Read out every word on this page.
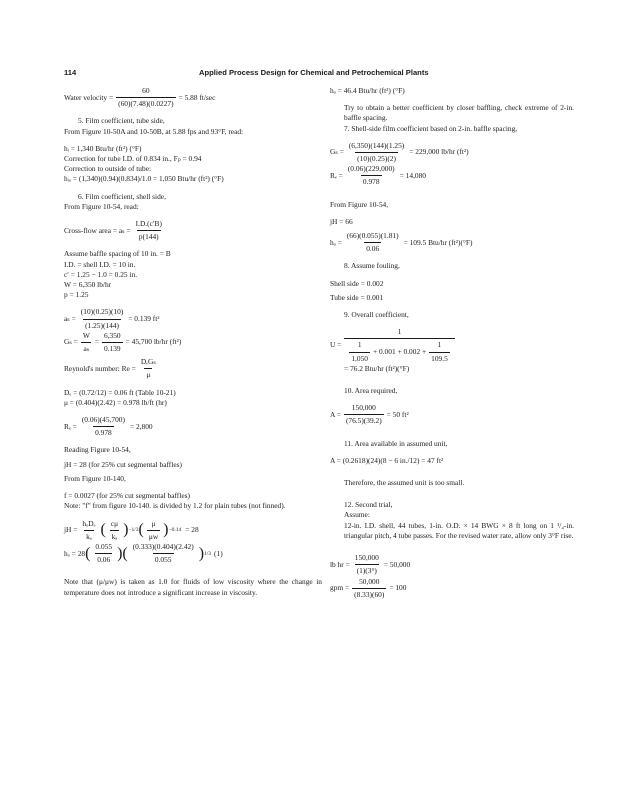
114	Applied Process Design for Chemical and Petrochemical Plants
Water velocity = $\frac{60}{(60)(7.48)(0.0227)} = 5.88$ ft/sec
5. Film coefficient, tube side,
From Figure 10-50A and 10-50B, at 5.88 fps and 93°F, read:
hᵢ = 1,340 Btu/hr (ft²) (°F)
Correction for tube I.D. of 0.834 in., Fₚ = 0.94
Correction to outside of tube:
hᵢₒ = (1,340)(0.94)(0.834)/1.0 = 1,050 Btu/hr (ft²) (°F)
6. Film coefficient, shell side,
From Figure 10-54, read:
Cross-flow area = $a_s = \frac{I.D.(c'B)}{p(144)}$
Assume baffle spacing of 10 in. = B
I.D. = shell I.D. = 10 in.
c′ = 1.25 − 1.0 = 0.25 in.
W = 6,350 lb/hr
p = 1.25
$a_s = \frac{(10)(0.25)(10)}{(1.25)(144)} = 0.139$ ft²
$G_s = \frac{W}{\text{aₛ}} = \frac{6,350}{0.139} = 45,700$ lb/hr (ft²)
Reynold's number: $Re = \frac{\text{DₑGₛ}}{\mu}$
Dₑ = (0.72/12) = 0.06 ft (Table 10-21)
μ = (0.404)(2.42) = 0.978 lb/ft (hr)
$R_e = \frac{(0.06)(45,700)}{0.978} = 2,800$
Reading Figure 10-54,
jH = 28 (for 25% cut segmental baffles)
From Figure 10-140,
f = 0.0027 (for 25% cut segmental baffles)
Note: "f" from figure 10-140. is divided by 1.2 for plain tubes (not finned).
jH = $\frac{\text{hₒDₑ}}{\text{kₐ}}$ ( $\frac{c\mu}{\text{kₐ}}$ ) −1/3 ( $\frac{\mu}{\mu w}$ ) −0.14 = 28
hₒ = 28 ( $\frac{0.055}{0.06}$ )( $\frac{(0.333)(0.404)(2.42)}{0.055}$ ) 1/3 (1)
Note that (μ/μw) is taken as 1.0 for fluids of low viscosity where the change in temperature does not introduce a significant increase in viscosity.
hₒ = 46.4 Btu/hr (ft²) (°F)
Try to obtain a better coefficient by closer baffling, check extreme of 2-in. baffle spacing.
7. Shell-side film coefficient based on 2-in. baffle spacing,
$G_s = \frac{(6,350)(144)(1.25)}{(10)(0.25)(2)} = 229,000$ lb/hr (ft²)
$R_e = \frac{(0.06)(229,000)}{0.978} = 14,080$
From Figure 10-54,
jH = 66
$h_o = \frac{(66)(0.055)(1.81)}{0.06} = 109.5$ Btu/hr (ft²)(°F)
8. Assume fouling,
Shell side = 0.002
Tube side = 0.001
9. Overall coefficient,
$U = \frac{1}{\frac{1}{1,050} + 0.001 + 0.002 + \frac{1}{109.5}}$
= 76.2 Btu/hr (ft²)(°F)
10. Area required,
$A = \frac{150,000}{(76.5)(39.2)} = 50$ ft²
11. Area available in assumed unit,
A = (0.2618)(24)(8 − 6 in./12) = 47 ft²
Therefore, the assumed unit is too small.
12. Second trial,
Assume:
12-in. I.D. shell, 44 tubes, 1-in. O.D. × 14 BWG × 8 ft long on 1 ¹/₄-in. triangular pitch, 4 tube passes. For the revised water rate, allow only 3°F rise.
lb hr = $\frac{150,000}{(1)(3^\circ)} = 50,000$
gpm = $\frac{50,000}{(8.33)(60)} = 100$
